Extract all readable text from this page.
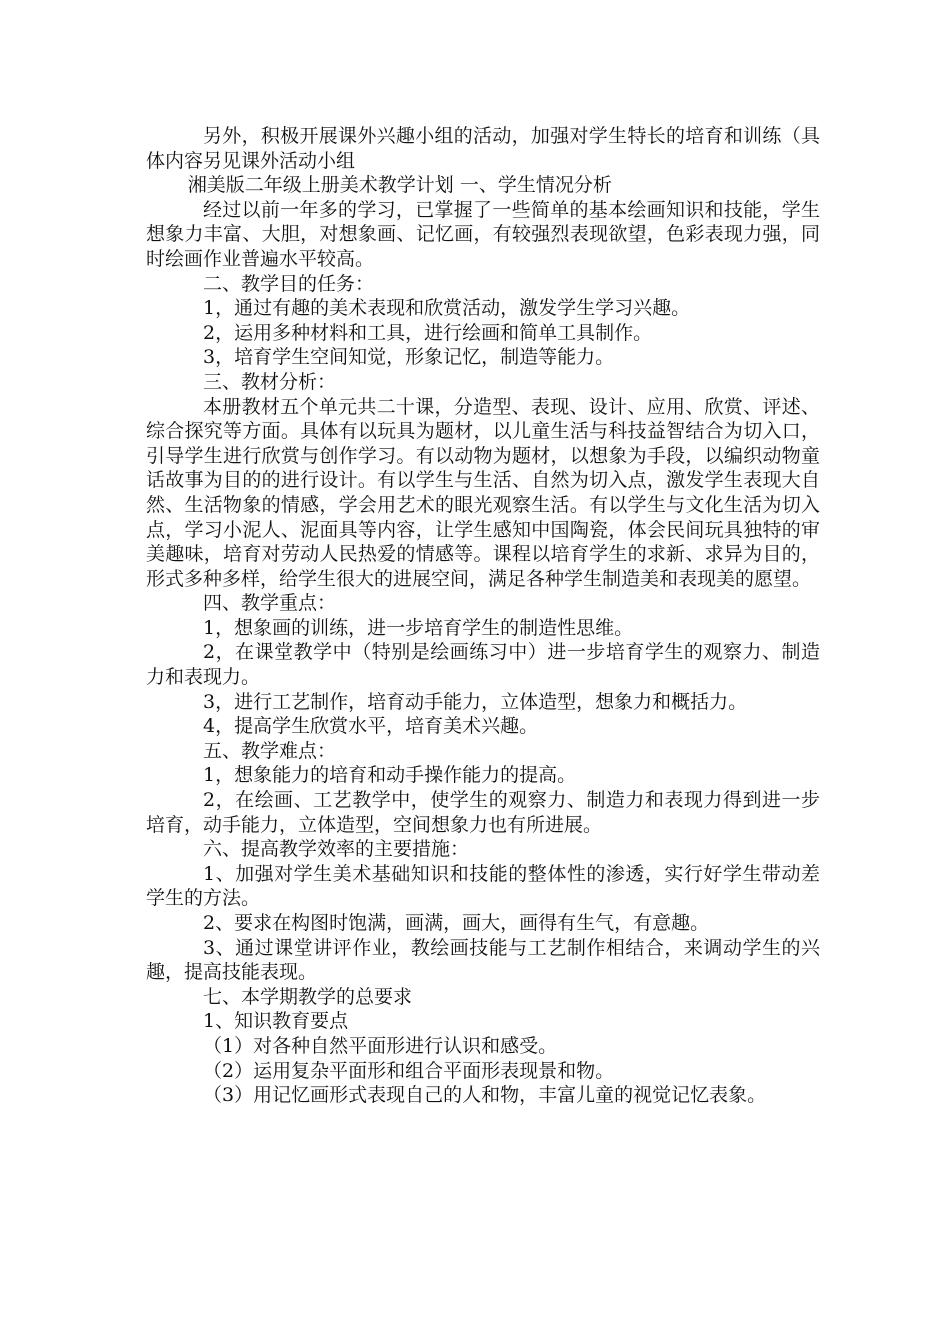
另外，积极开展课外兴趣小组的活动，加强对学生特长的培育和训练（具体内容另见课外活动小组

湘美版二年级上册美术教学计划 一、学生情况分析

经过以前一年多的学习，已掌握了一些简单的基本绘画知识和技能，学生想象力丰富、大胆，对想象画、记忆画，有较强烈表现欲望，色彩表现力强，同时绘画作业普遍水平较高。

二、教学目的任务：

1，通过有趣的美术表现和欣赏活动，激发学生学习兴趣。

2，运用多种材料和工具，进行绘画和简单工具制作。

3，培育学生空间知觉，形象记忆，制造等能力。

三、教材分析：

本册教材五个单元共二十课，分造型、表现、设计、应用、欣赏、评述、综合探究等方面。具体有以玩具为题材，以儿童生活与科技益智结合为切入口，引导学生进行欣赏与创作学习。有以动物为题材，以想象为手段，以编织动物童话故事为目的的进行设计。有以学生与生活、自然为切入点，激发学生表现大自然、生活物象的情感，学会用艺术的眼光观察生活。有以学生与文化生活为切入点，学习小泥人、泥面具等内容，让学生感知中国陶瓷，体会民间玩具独特的审美趣味，培育对劳动人民热爱的情感等。课程以培育学生的求新、求异为目的，形式多种多样，给学生很大的进展空间，满足各种学生制造美和表现美的愿望。

四、教学重点：

1，想象画的训练，进一步培育学生的制造性思维。

2，在课堂教学中（特别是绘画练习中）进一步培育学生的观察力、制造力和表现力。

3，进行工艺制作，培育动手能力，立体造型，想象力和概括力。

4，提高学生欣赏水平，培育美术兴趣。

五、教学难点：

1，想象能力的培育和动手操作能力的提高。

2，在绘画、工艺教学中，使学生的观察力、制造力和表现力得到进一步培育，动手能力，立体造型，空间想象力也有所进展。

六、提高教学效率的主要措施：

1、加强对学生美术基础知识和技能的整体性的渗透，实行好学生带动差学生的方法。

2、要求在构图时饱满，画满，画大，画得有生气，有意趣。

3、通过课堂讲评作业，教绘画技能与工艺制作相结合，来调动学生的兴趣，提高技能表现。

七、本学期教学的总要求

1、知识教育要点

（1）对各种自然平面形进行认识和感受。

（2）运用复杂平面形和组合平面形表现景和物。

（3）用记忆画形式表现自己的人和物，丰富儿童的视觉记忆表象。
